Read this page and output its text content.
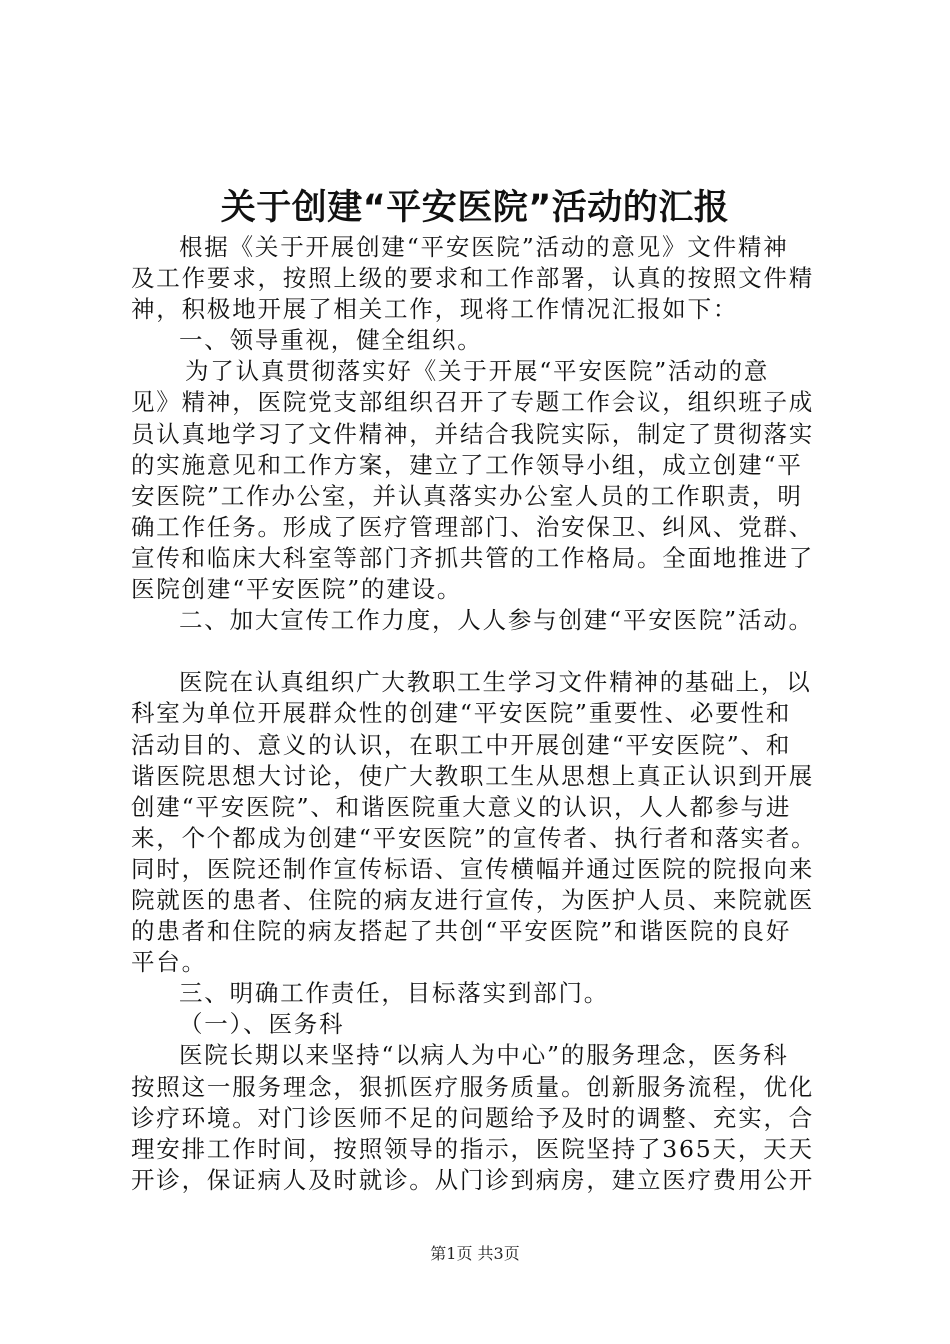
关于创建“平安医院”活动的汇报
根据《关于开展创建“平安医院”活动的意见》文件精神
及工作要求，按照上级的要求和工作部署，认真的按照文件精
神，积极地开展了相关工作，现将工作情况汇报如下：
一、领导重视，健全组织。
为了认真贯彻落实好《关于开展“平安医院”活动的意
见》精神，医院党支部组织召开了专题工作会议，组织班子成
员认真地学习了文件精神，并结合我院实际，制定了贯彻落实
的实施意见和工作方案，建立了工作领导小组，成立创建“平
安医院”工作办公室，并认真落实办公室人员的工作职责，明
确工作任务。形成了医疗管理部门、治安保卫、纠风、党群、
宣传和临床大科室等部门齐抓共管的工作格局。全面地推进了
医院创建“平安医院”的建设。
二、加大宣传工作力度，人人参与创建“平安医院”活动。
医院在认真组织广大教职工生学习文件精神的基础上，以
科室为单位开展群众性的创建“平安医院”重要性、必要性和
活动目的、意义的认识，在职工中开展创建“平安医院”、和
谐医院思想大讨论，使广大教职工生从思想上真正认识到开展
创建“平安医院”、和谐医院重大意义的认识，人人都参与进
来，个个都成为创建“平安医院”的宣传者、执行者和落实者。
同时，医院还制作宣传标语、宣传横幅并通过医院的院报向来
院就医的患者、住院的病友进行宣传，为医护人员、来院就医
的患者和住院的病友搭起了共创“平安医院”和谐医院的良好
平台。
三、明确工作责任，目标落实到部门。
（一）、医务科
医院长期以来坚持“以病人为中心”的服务理念，医务科
按照这一服务理念，狠抓医疗服务质量。创新服务流程，优化
诊疗环境。对门诊医师不足的问题给予及时的调整、充实，合
理安排工作时间，按照领导的指示，医院坚持了365天，天天
开诊，保证病人及时就诊。从门诊到病房，建立医疗费用公开
第1页 共3页
